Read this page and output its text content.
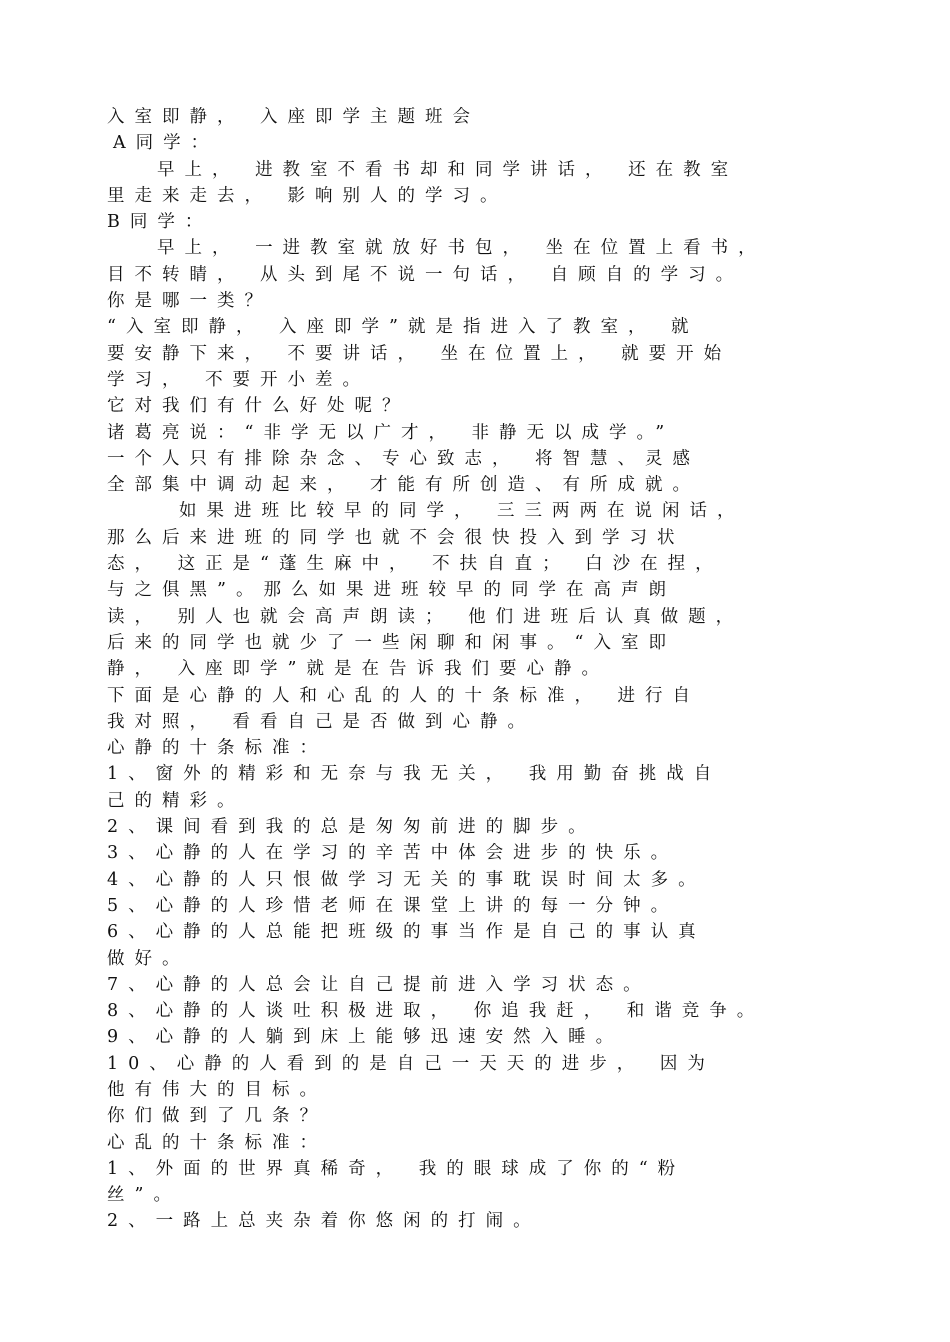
入室即静， 入座即学主题班会
A同学：
早上， 进教室不看书却和同学讲话， 还在教室
里走来走去， 影响别人的学习。
B同学：
早上， 一进教室就放好书包， 坐在位置上看书，
目不转睛， 从头到尾不说一句话， 自顾自的学习。
你是哪一类？
“入室即静， 入座即学”就是指进入了教室， 就
要安静下来， 不要讲话， 坐在位置上， 就要开始
学习， 不要开小差。
它对我们有什么好处呢？
诸葛亮说：“非学无以广才， 非静无以成学。”
一个人只有排除杂念、专心致志， 将智慧、灵感
全部集中调动起来， 才能有所创造、有所成就。
如果进班比较早的同学， 三三两两在说闲话，
那么后来进班的同学也就不会很快投入到学习状
态， 这正是“蓬生麻中， 不扶自直； 白沙在捏，
与之俱黑”。那么如果进班较早的同学在高声朗
读， 别人也就会高声朗读； 他们进班后认真做题，
后来的同学也就少了一些闲聊和闲事。“入室即
静， 入座即学”就是在告诉我们要心静。
下面是心静的人和心乱的人的十条标准， 进行自
我对照， 看看自己是否做到心静。
心静的十条标准：
1、窗外的精彩和无奈与我无关， 我用勤奋挑战自
己的精彩。
2、课间看到我的总是匆匆前进的脚步。
3、心静的人在学习的辛苦中体会进步的快乐。
4、心静的人只恨做学习无关的事耽误时间太多。
5、心静的人珍惜老师在课堂上讲的每一分钟。
6、心静的人总能把班级的事当作是自己的事认真
做好。
7、心静的人总会让自己提前进入学习状态。
8、心静的人谈吐积极进取， 你追我赶， 和谐竞争。
9、心静的人躺到床上能够迅速安然入睡。
10、心静的人看到的是自己一天天的进步， 因为
他有伟大的目标。
你们做到了几条？
心乱的十条标准：
1、外面的世界真稀奇， 我的眼球成了你的“粉
丝”。
2、一路上总夹杂着你悠闲的打闹。
